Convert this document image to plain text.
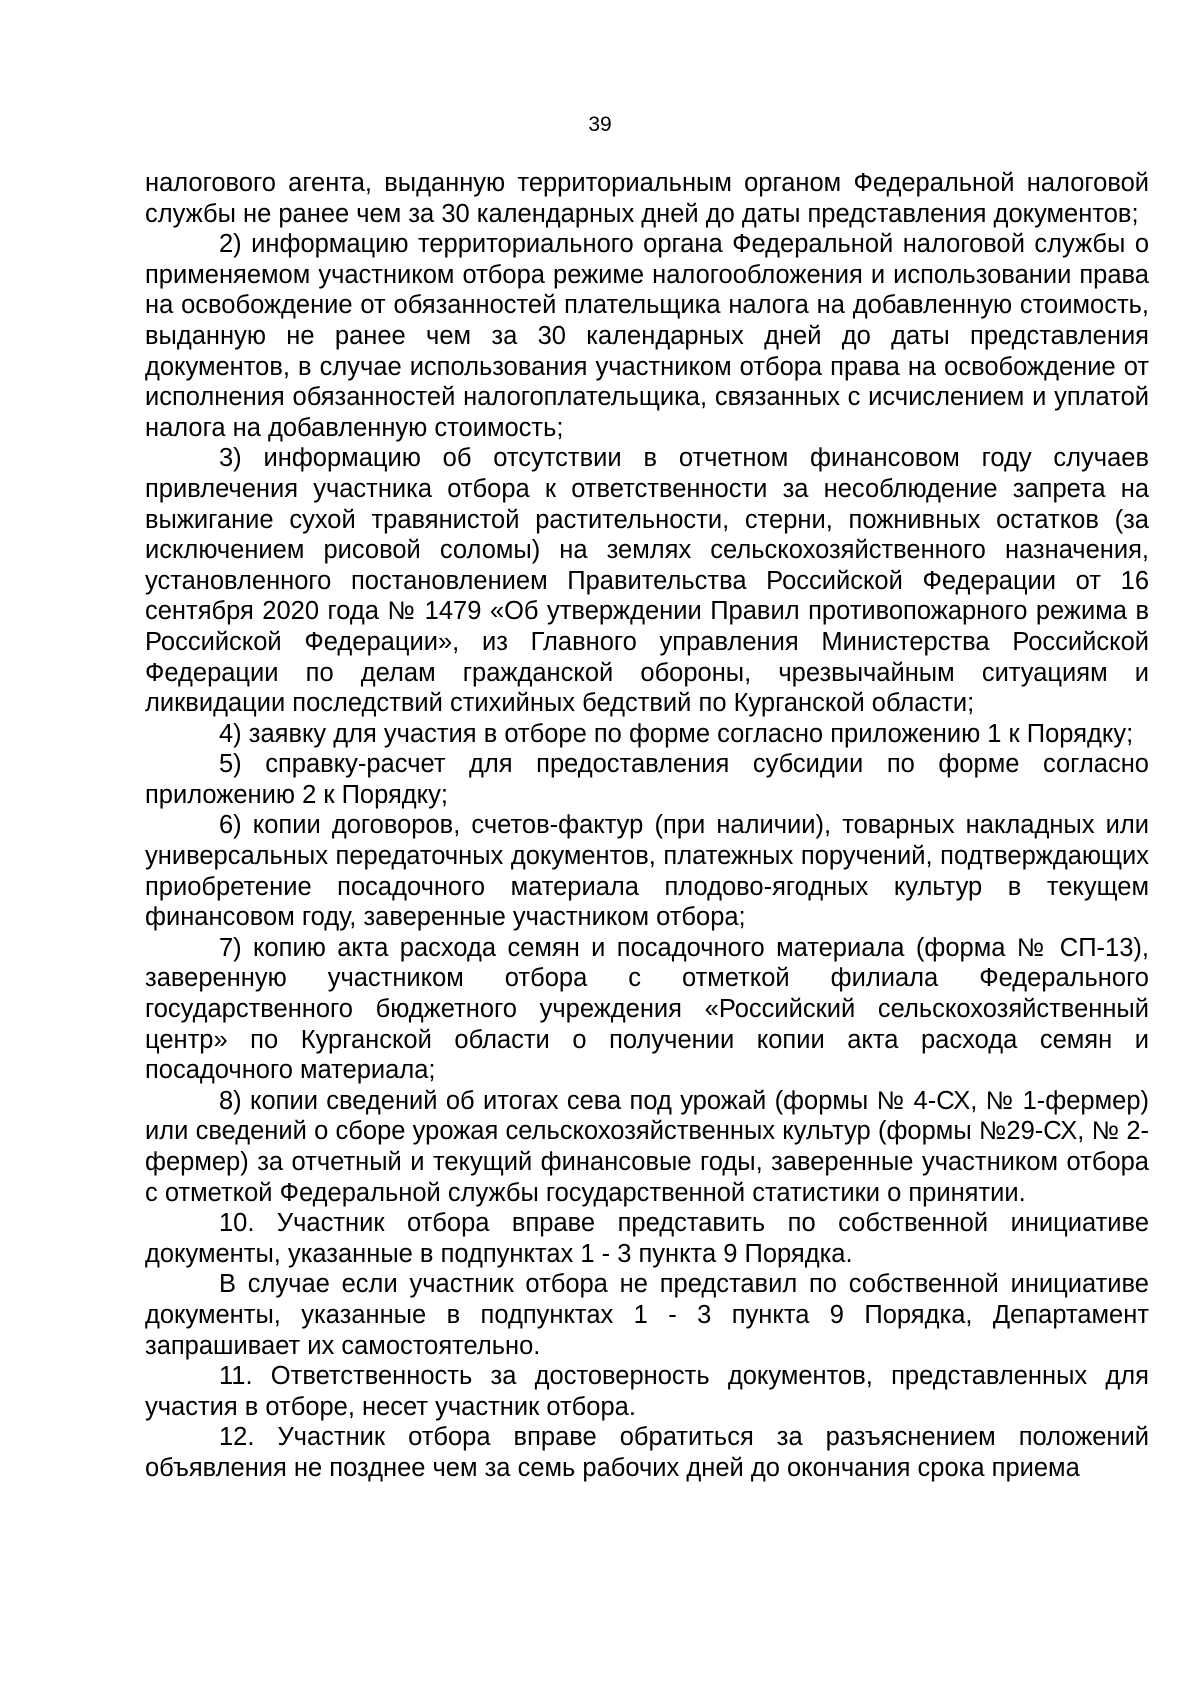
39

налогового агента, выданную территориальным органом Федеральной налоговой службы не ранее чем за 30 календарных дней до даты представления документов;

2) информацию территориального органа Федеральной налоговой службы о применяемом участником отбора режиме налогообложения и использовании права на освобождение от обязанностей плательщика налога на добавленную стоимость, выданную не ранее чем за 30 календарных дней до даты представления документов, в случае использования участником отбора права на освобождение от исполнения обязанностей налогоплательщика, связанных с исчислением и уплатой налога на добавленную стоимость;

3) информацию об отсутствии в отчетном финансовом году случаев привлечения участника отбора к ответственности за несоблюдение запрета на выжигание сухой травянистой растительности, стерни, пожнивных остатков (за исключением рисовой соломы) на землях сельскохозяйственного назначения, установленного постановлением Правительства Российской Федерации от 16 сентября 2020 года № 1479 «Об утверждении Правил противопожарного режима в Российской Федерации», из Главного управления Министерства Российской Федерации по делам гражданской обороны, чрезвычайным ситуациям и ликвидации последствий стихийных бедствий по Курганской области;

4) заявку для участия в отборе по форме согласно приложению 1 к Порядку;

5) справку-расчет для предоставления субсидии по форме согласно приложению 2 к Порядку;

6) копии договоров, счетов-фактур (при наличии), товарных накладных или универсальных передаточных документов, платежных поручений, подтверждающих приобретение посадочного материала плодово-ягодных культур в текущем финансовом году, заверенные участником отбора;

7) копию акта расхода семян и посадочного материала (форма № СП-13), заверенную участником отбора с отметкой филиала Федерального государственного бюджетного учреждения «Российский сельскохозяйственный центр» по Курганской области о получении копии акта расхода семян и посадочного материала;

8) копии сведений об итогах сева под урожай (формы № 4-СХ, № 1-фермер) или сведений о сборе урожая сельскохозяйственных культур (формы №29-СХ, № 2-фермер) за отчетный и текущий финансовые годы, заверенные участником отбора с отметкой Федеральной службы государственной статистики о принятии.

10. Участник отбора вправе представить по собственной инициативе документы, указанные в подпунктах 1 - 3 пункта 9 Порядка.

В случае если участник отбора не представил по собственной инициативе документы, указанные в подпунктах 1 - 3 пункта 9 Порядка, Департамент запрашивает их самостоятельно.

11. Ответственность за достоверность документов, представленных для участия в отборе, несет участник отбора.

12. Участник отбора вправе обратиться за разъяснением положений объявления не позднее чем за семь рабочих дней до окончания срока приема
